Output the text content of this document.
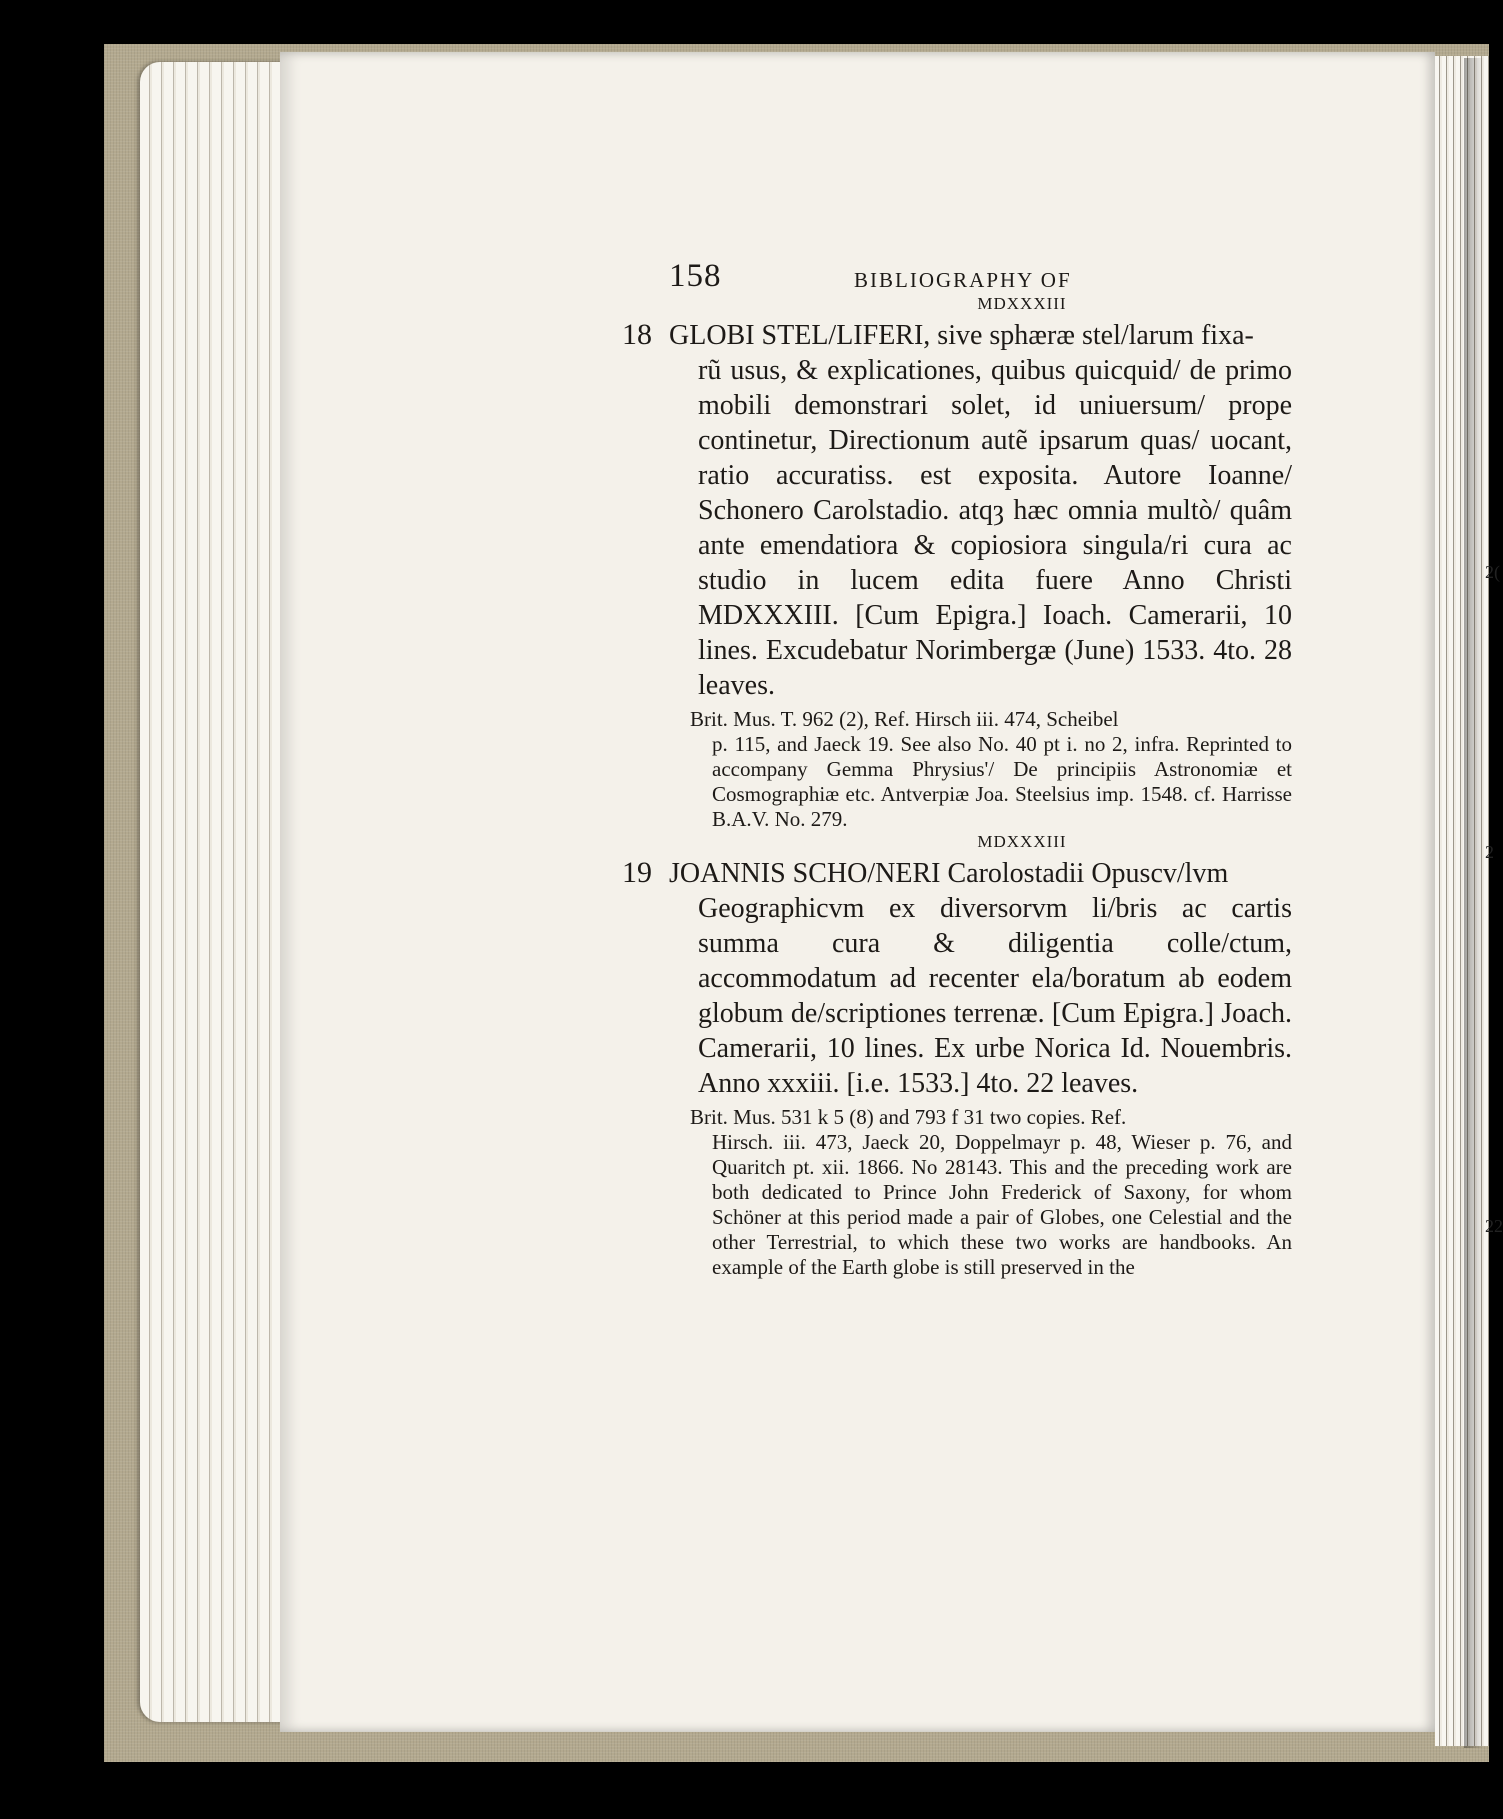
2(
2
22
158	BIBLIOGRAPHY OF
MDXXXIII
18 GLOBI STEL/LIFERI, sive sphæræ stel/larum fixa-
rũ usus, & explicationes, quibus quicquid/ de primo mobili demonstrari solet, id uniuersum/ prope continetur, Directionum autẽ ipsarum quas/ uocant, ratio accuratiss. est exposita. Autore Ioanne/ Schonero Carolstadio. atqȝ hæc omnia multò/ quâm ante emendatiora & copiosiora singula/ri cura ac studio in lucem edita fuere Anno Christi MDXXXIII. [Cum Epigra.] Ioach. Camerarii, 10 lines. Excudebatur Norimbergæ (June) 1533. 4to. 28 leaves.
Brit. Mus. T. 962 (2), Ref. Hirsch iii. 474, Scheibel
p. 115, and Jaeck 19. See also No. 40 pt i. no 2, infra. Reprinted to accompany Gemma Phrysius'/ De principiis Astronomiæ et Cosmographiæ etc. Antverpiæ Joa. Steelsius imp. 1548. cf. Harrisse B.A.V. No. 279.
MDXXXIII
19 JOANNIS SCHO/NERI Carolostadii Opuscv/lvm
Geographicvm ex diversorvm li/bris ac cartis summa cura & diligentia colle/ctum, accommodatum ad recenter ela/boratum ab eodem globum de/scriptiones terrenæ. [Cum Epigra.] Joach. Camerarii, 10 lines. Ex urbe Norica Id. Nouembris. Anno xxxiii. [i.e. 1533.] 4to. 22 leaves.
Brit. Mus. 531 k 5 (8) and 793 f 31 two copies. Ref.
Hirsch. iii. 473, Jaeck 20, Doppelmayr p. 48, Wieser p. 76, and Quaritch pt. xii. 1866. No 28143. This and the preceding work are both dedicated to Prince John Frederick of Saxony, for whom Schöner at this period made a pair of Globes, one Celestial and the other Terrestrial, to which these two works are handbooks. An example of the Earth globe is still preserved in the
